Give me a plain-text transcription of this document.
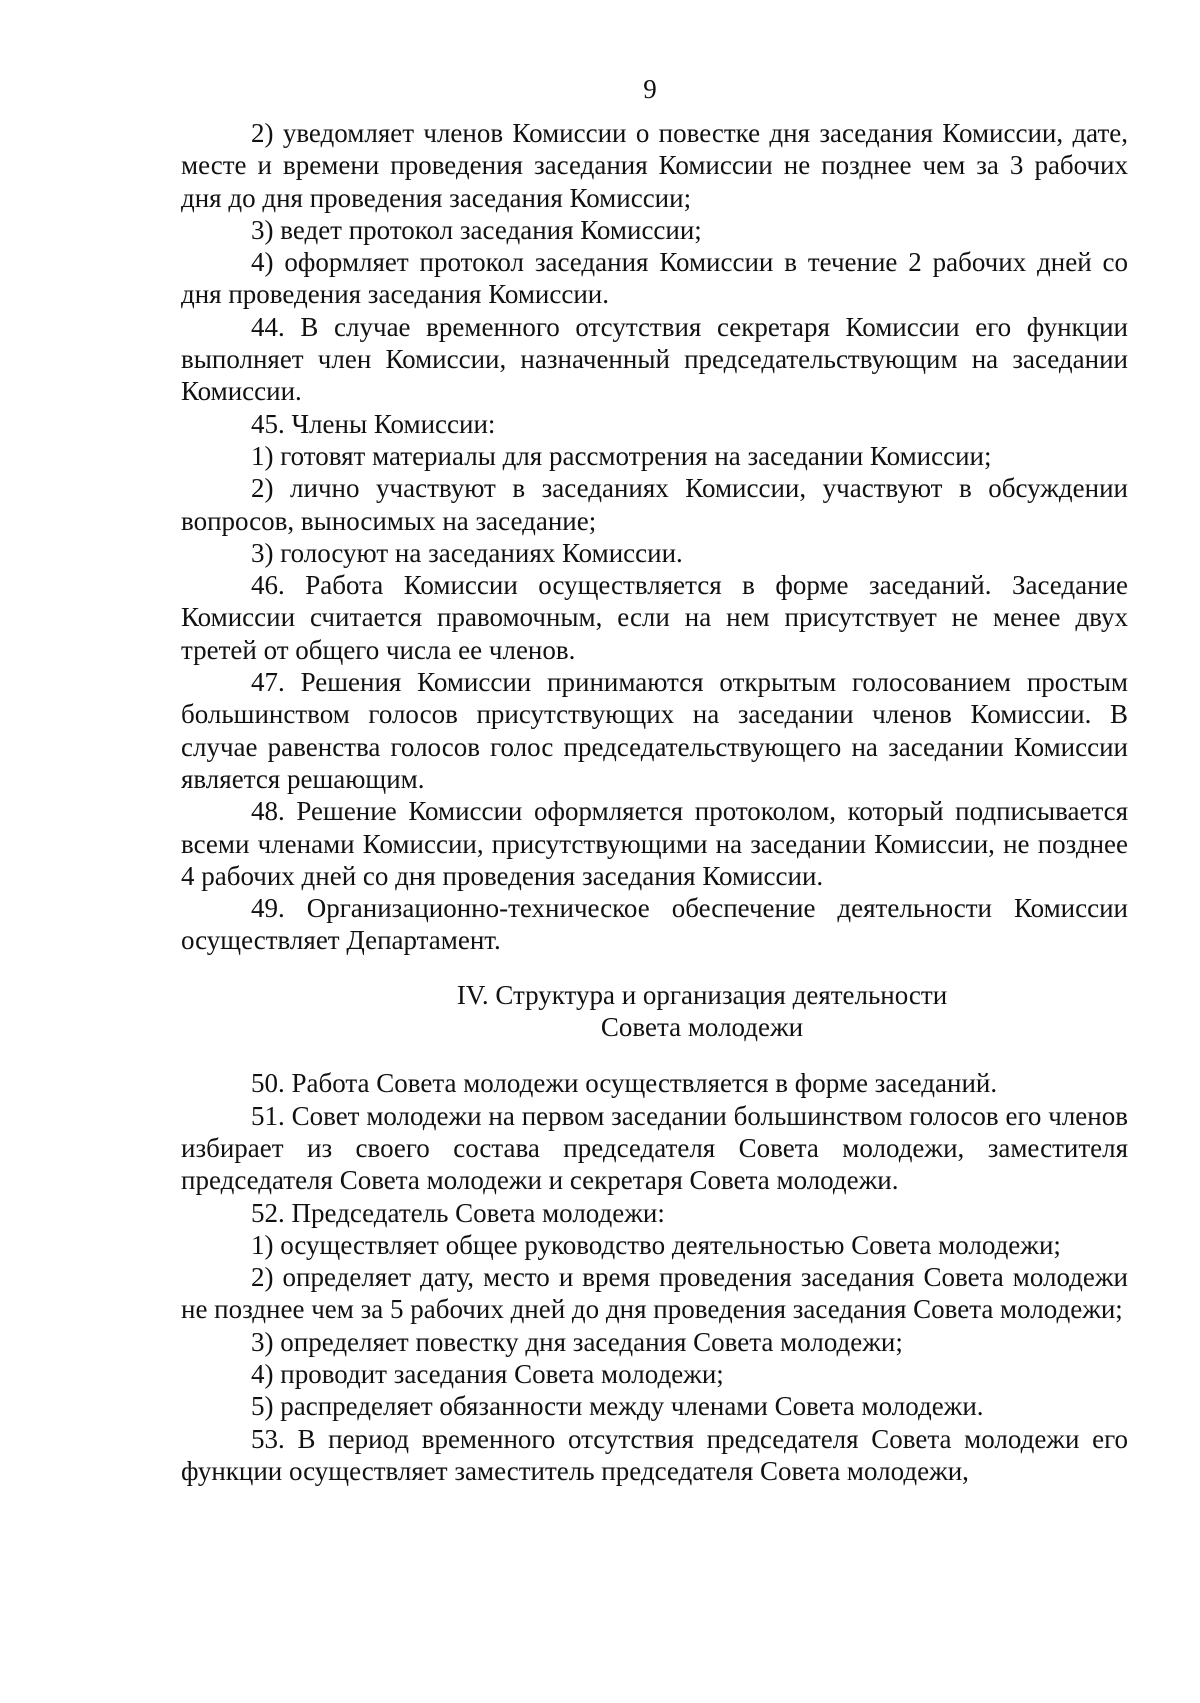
9

2) уведомляет членов Комиссии о повестке дня заседания Комиссии, дате, месте и времени проведения заседания Комиссии не позднее чем за 3 рабочих дня до дня проведения заседания Комиссии;

3) ведет протокол заседания Комиссии;

4) оформляет протокол заседания Комиссии в течение 2 рабочих дней со дня проведения заседания Комиссии.

44. В случае временного отсутствия секретаря Комиссии его функции выполняет член Комиссии, назначенный председательствующим на заседании Комиссии.

45. Члены Комиссии:

1) готовят материалы для рассмотрения на заседании Комиссии;

2) лично участвуют в заседаниях Комиссии, участвуют в обсуждении вопросов, выносимых на заседание;

3) голосуют на заседаниях Комиссии.

46. Работа Комиссии осуществляется в форме заседаний. Заседание Комиссии считается правомочным, если на нем присутствует не менее двух третей от общего числа ее членов.

47. Решения Комиссии принимаются открытым голосованием простым большинством голосов присутствующих на заседании членов Комиссии. В случае равенства голосов голос председательствующего на заседании Комиссии является решающим.

48. Решение Комиссии оформляется протоколом, который подписывается всеми членами Комиссии, присутствующими на заседании Комиссии, не позднее 4 рабочих дней со дня проведения заседания Комиссии.

49. Организационно-техническое обеспечение деятельности Комиссии осуществляет Департамент.

IV. Структура и организация деятельности

Совета молодежи

50. Работа Совета молодежи осуществляется в форме заседаний.

51. Совет молодежи на первом заседании большинством голосов его членов избирает из своего состава председателя Совета молодежи, заместителя председателя Совета молодежи и секретаря Совета молодежи.

52. Председатель Совета молодежи:

1) осуществляет общее руководство деятельностью Совета молодежи;

2) определяет дату, место и время проведения заседания Совета молодежи не позднее чем за 5 рабочих дней до дня проведения заседания Совета молодежи;

3) определяет повестку дня заседания Совета молодежи;

4) проводит заседания Совета молодежи;

5) распределяет обязанности между членами Совета молодежи.

53. В период временного отсутствия председателя Совета молодежи его функции осуществляет заместитель председателя Совета молодежи,
